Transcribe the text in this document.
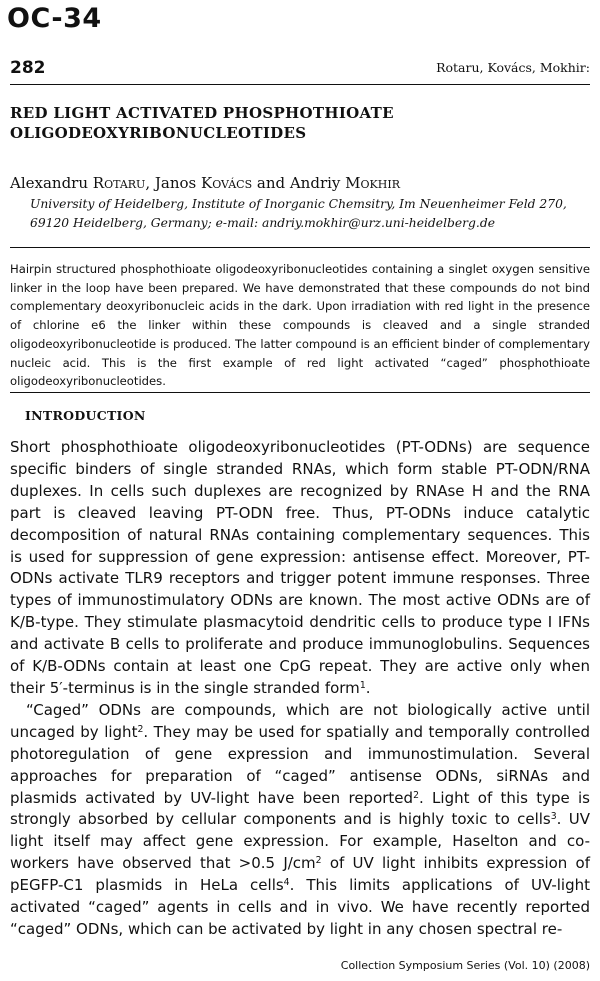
OC-34
282	Rotaru, Kovács, Mokhir:
RED LIGHT ACTIVATED PHOSPHOTHIOATE
OLIGODEOXYRIBONUCLEOTIDES
Alexandru Rotaru, Janos Kovács and Andriy Mokhir
University of Heidelberg, Institute of Inorganic Chemsitry, Im Neuenheimer Feld 270,
69120 Heidelberg, Germany; e-mail: andriy.mokhir@urz.uni-heidelberg.de
Hairpin structured phosphothioate oligodeoxyribonucleotides containing a singlet oxygen sensitive linker in the loop have been prepared. We have demonstrated that these compounds do not bind complementary deoxyribonucleic acids in the dark. Upon irradiation with red light in the presence of chlorine e6 the linker within these compounds is cleaved and a single stranded oligodeoxyribonucleotide is produced. The latter compound is an efficient binder of complementary nucleic acid. This is the first example of red light activated “caged” phosphothioate oligodeoxyribonucleotides.
INTRODUCTION

Short phosphothioate oligodeoxyribonucleotides (PT-ODNs) are sequence specific binders of single stranded RNAs, which form stable PT-ODN/RNA duplexes. In cells such duplexes are recognized by RNAse H and the RNA part is cleaved leaving PT-ODN free. Thus, PT-ODNs induce catalytic decomposition of natural RNAs containing complementary sequences. This is used for suppression of gene expression: antisense effect. Moreover, PT-ODNs activate TLR9 receptors and trigger potent immune responses. Three types of immunostimulatory ODNs are known. The most active ODNs are of K/B-type. They stimulate plasmacytoid dendritic cells to produce type I IFNs and activate B cells to proliferate and produce immunoglobulins. Sequences of K/B-ODNs contain at least one CpG repeat. They are active only when their 5′-terminus is in the single stranded form$^1$.

“Caged” ODNs are compounds, which are not biologically active until uncaged by light$^2$. They may be used for spatially and temporally controlled photoregulation of gene expression and immunostimulation. Several approaches for preparation of “caged” antisense ODNs, siRNAs and plasmids activated by UV-light have been reported$^2$. Light of this type is strongly absorbed by cellular components and is highly toxic to cells$^3$. UV light itself may affect gene expression. For example, Haselton and co-workers have observed that >0.5 $J/cm^2$ of UV light inhibits expression of pEGFP-C1 plasmids in HeLa cells$^4$. This limits applications of UV-light activated “caged” agents in cells and in vivo. We have recently reported “caged” ODNs, which can be activated by light in any chosen spectral re-

Collection Symposium Series (Vol. 10) (2008)
